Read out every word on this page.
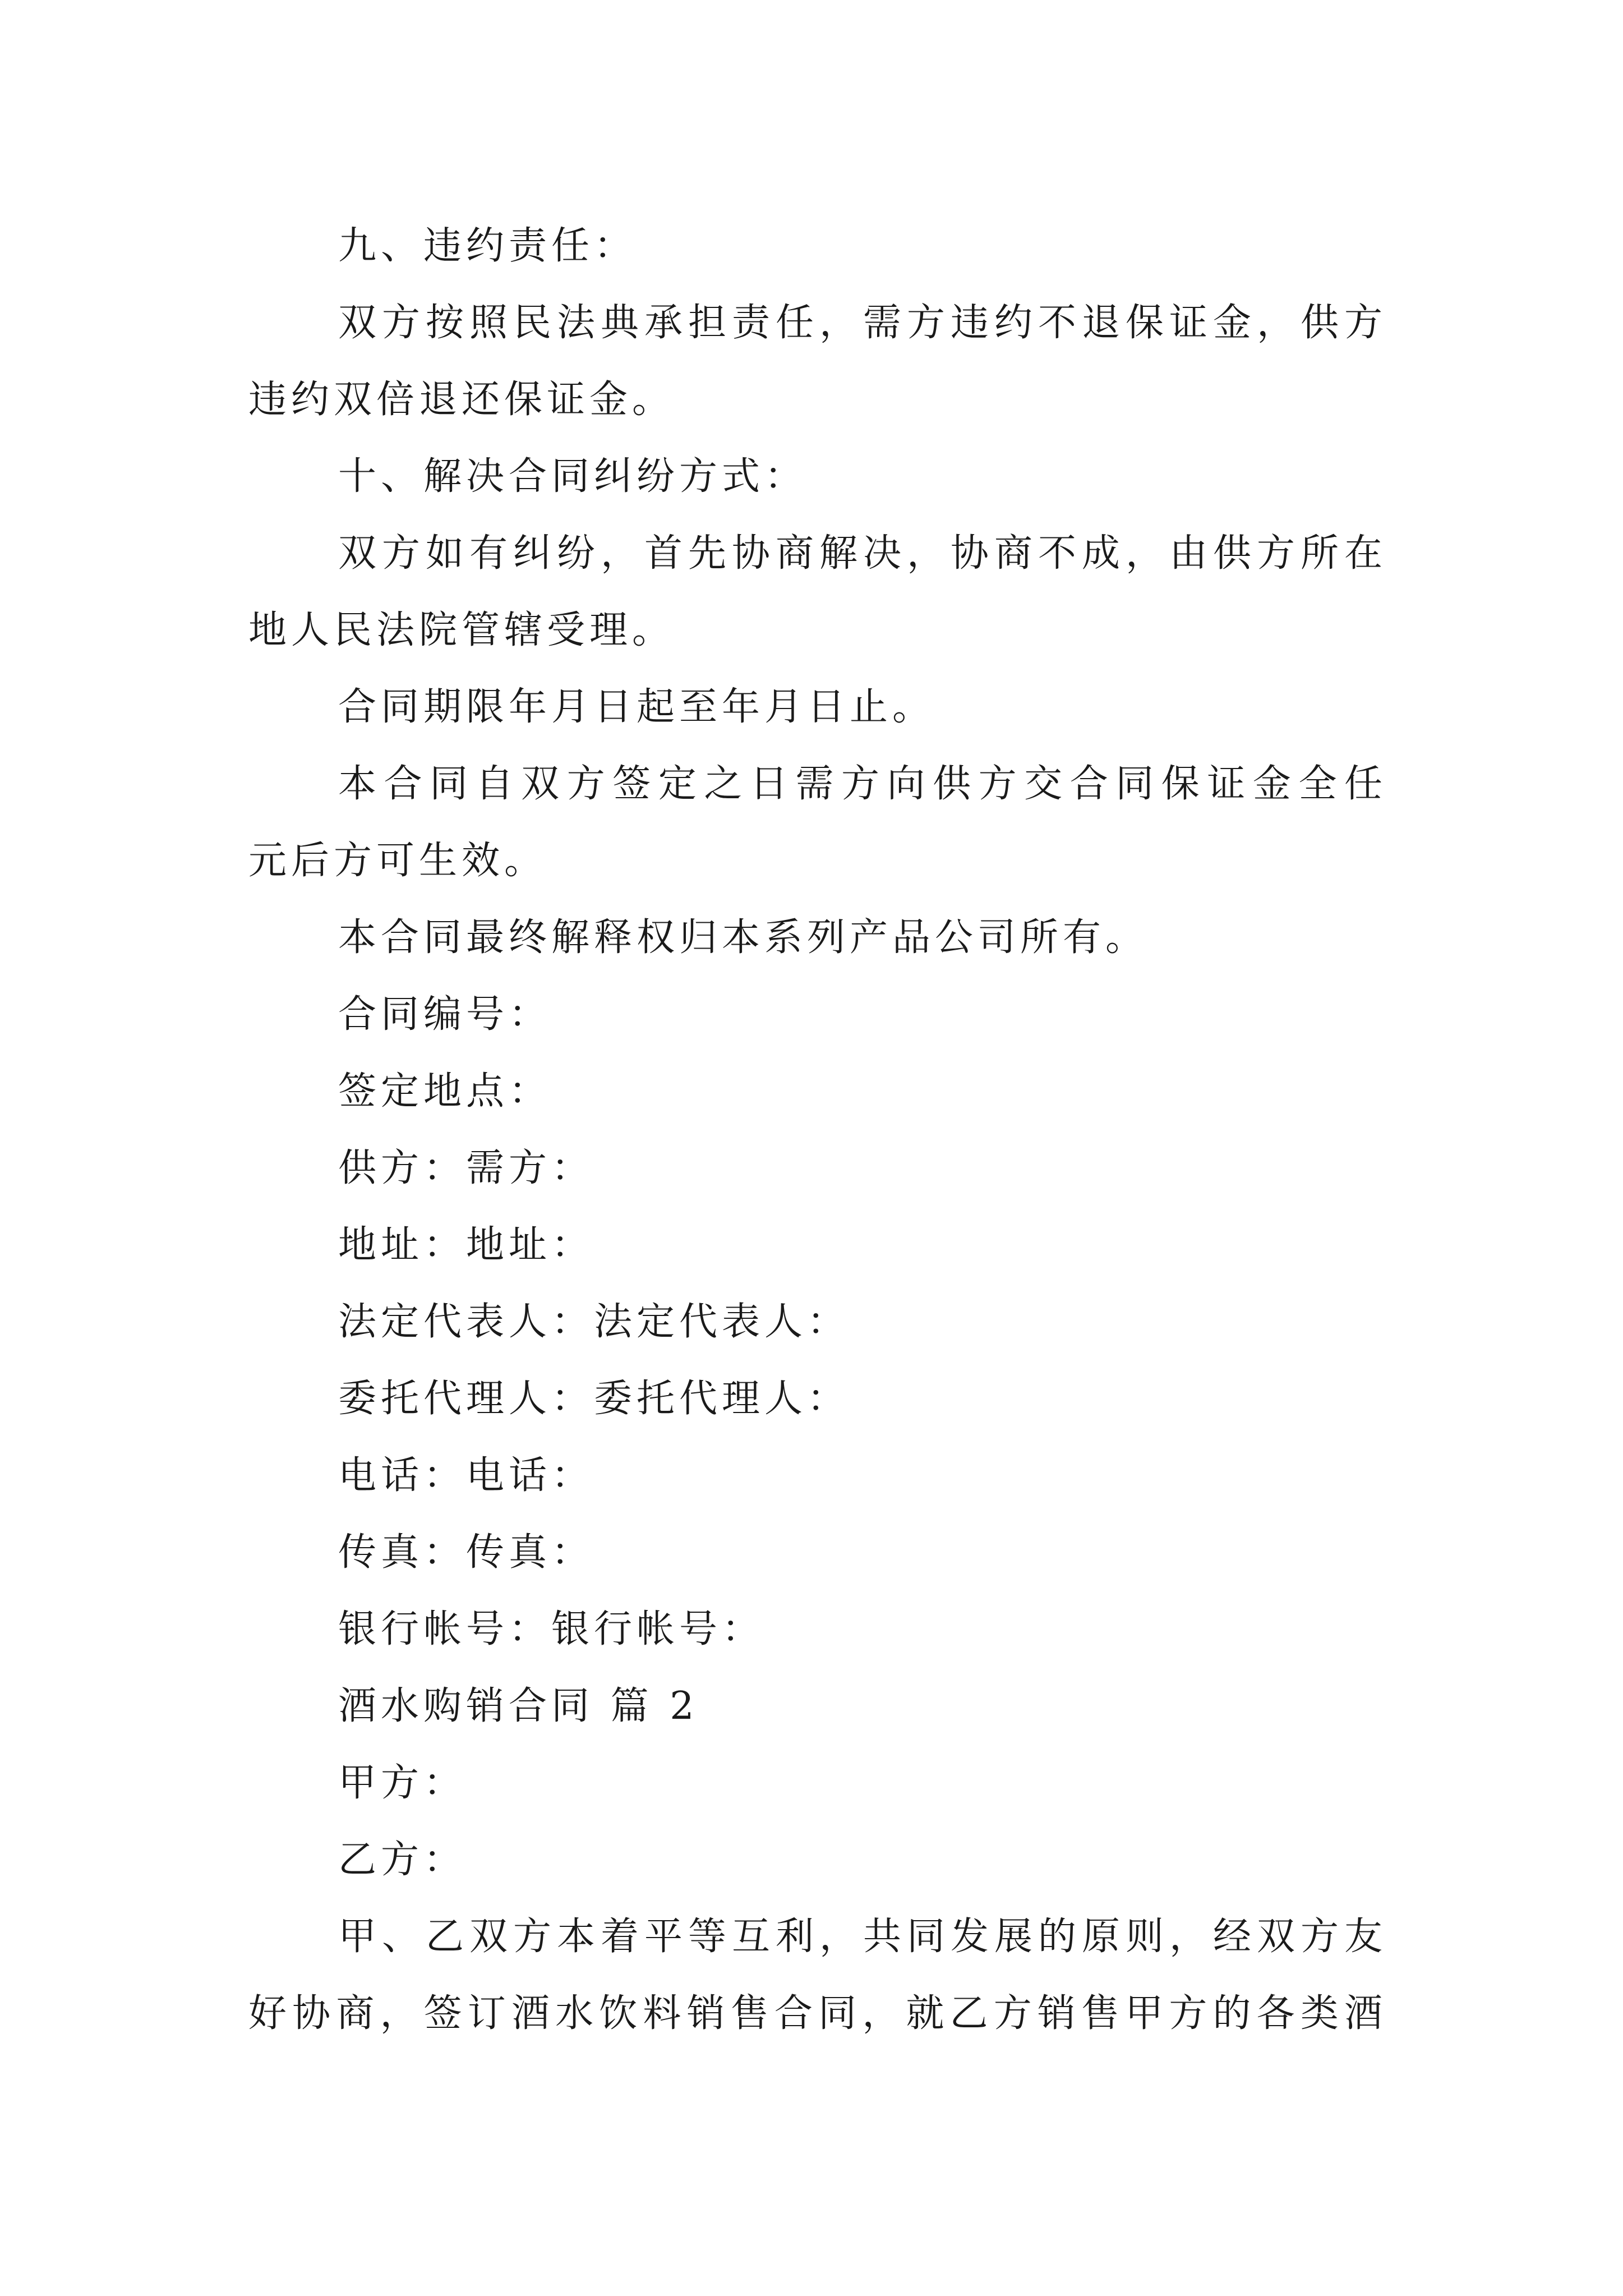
九、违约责任：
双方按照民法典承担责任，需方违约不退保证金，供方
违约双倍退还保证金。
十、解决合同纠纷方式：
双方如有纠纷，首先协商解决，协商不成，由供方所在
地人民法院管辖受理。
合同期限年月日起至年月日止。
本合同自双方签定之日需方向供方交合同保证金全任
元后方可生效。
本合同最终解释权归本系列产品公司所有。
合同编号：
签定地点：
供方：需方：
地址：地址：
法定代表人：法定代表人：
委托代理人：委托代理人：
电话：电话：
传真：传真：
银行帐号：银行帐号：
酒水购销合同 篇 2
甲方：
乙方：
甲、乙双方本着平等互利，共同发展的原则，经双方友
好协商，签订酒水饮料销售合同，就乙方销售甲方的各类酒
